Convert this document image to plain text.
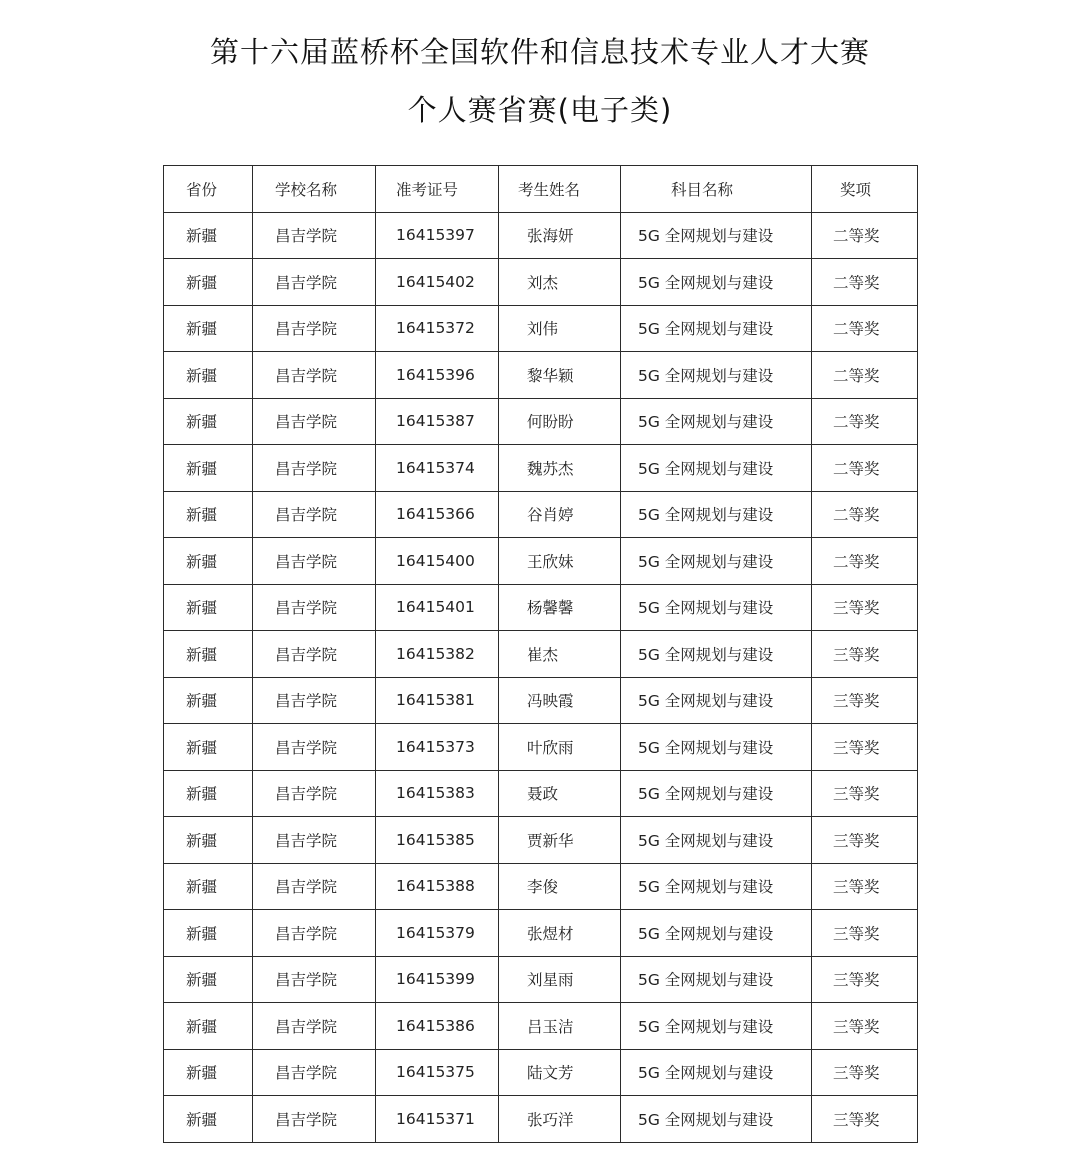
第十六届蓝桥杯全国软件和信息技术专业人才大赛
个人赛省赛(电子类)
省份	学校名称	准考证号	考生姓名	科目名称	奖项
新疆	昌吉学院	16415397	张海妍	5G 全网规划与建设	二等奖
新疆	昌吉学院	16415402	刘杰	5G 全网规划与建设	二等奖
新疆	昌吉学院	16415372	刘伟	5G 全网规划与建设	二等奖
新疆	昌吉学院	16415396	黎华颖	5G 全网规划与建设	二等奖
新疆	昌吉学院	16415387	何盼盼	5G 全网规划与建设	二等奖
新疆	昌吉学院	16415374	魏苏杰	5G 全网规划与建设	二等奖
新疆	昌吉学院	16415366	谷肖婷	5G 全网规划与建设	二等奖
新疆	昌吉学院	16415400	王欣妹	5G 全网规划与建设	二等奖
新疆	昌吉学院	16415401	杨馨馨	5G 全网规划与建设	三等奖
新疆	昌吉学院	16415382	崔杰	5G 全网规划与建设	三等奖
新疆	昌吉学院	16415381	冯映霞	5G 全网规划与建设	三等奖
新疆	昌吉学院	16415373	叶欣雨	5G 全网规划与建设	三等奖
新疆	昌吉学院	16415383	聂政	5G 全网规划与建设	三等奖
新疆	昌吉学院	16415385	贾新华	5G 全网规划与建设	三等奖
新疆	昌吉学院	16415388	李俊	5G 全网规划与建设	三等奖
新疆	昌吉学院	16415379	张煜材	5G 全网规划与建设	三等奖
新疆	昌吉学院	16415399	刘星雨	5G 全网规划与建设	三等奖
新疆	昌吉学院	16415386	吕玉洁	5G 全网规划与建设	三等奖
新疆	昌吉学院	16415375	陆文芳	5G 全网规划与建设	三等奖
新疆	昌吉学院	16415371	张巧洋	5G 全网规划与建设	三等奖
